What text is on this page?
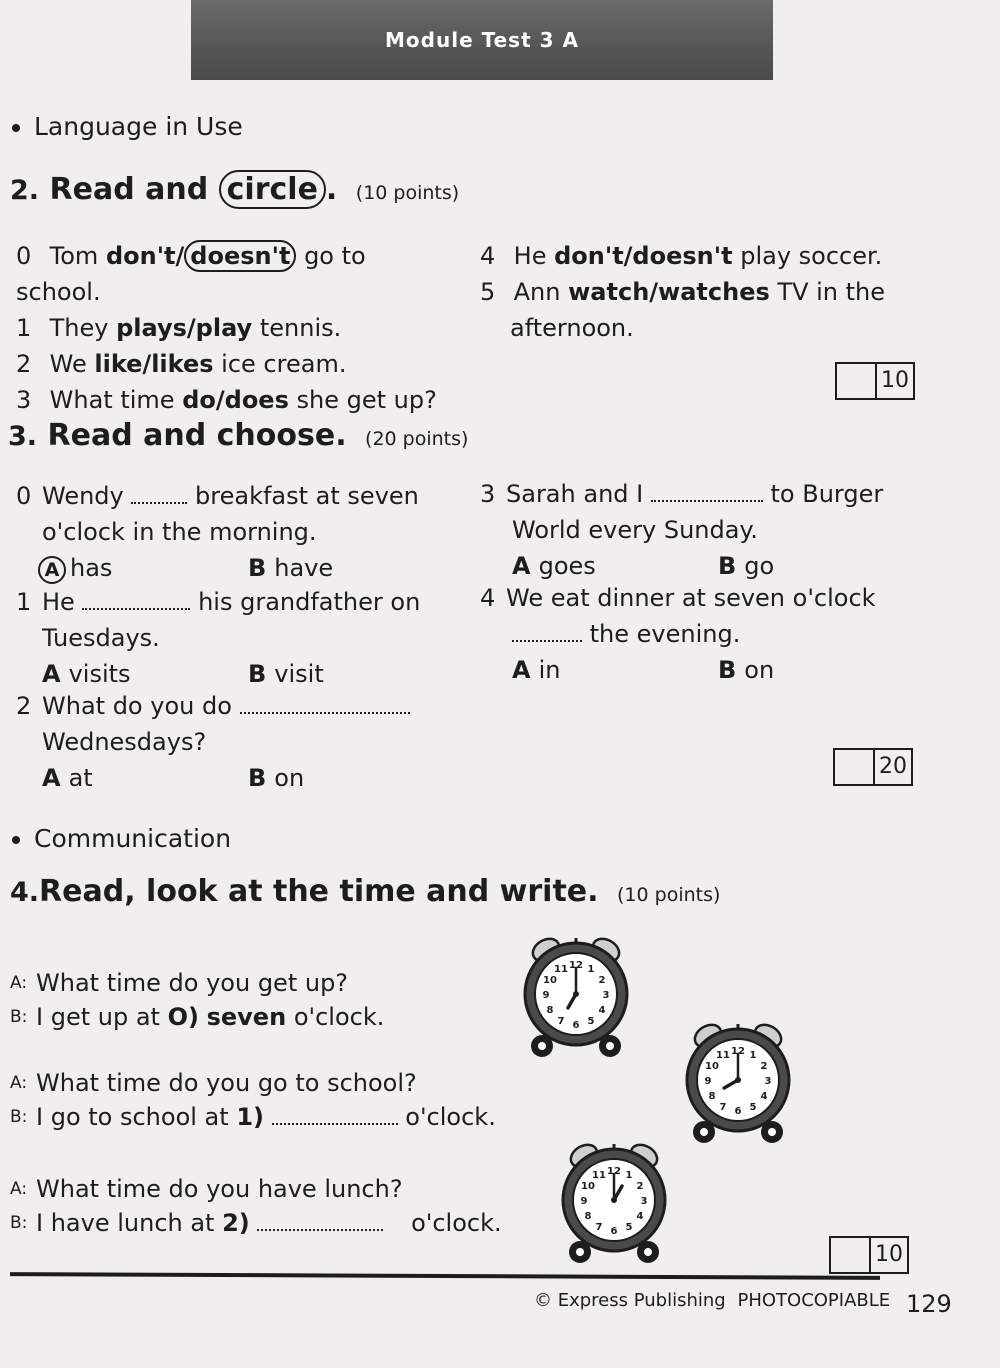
Module Test 3 A
Language in Use
2. Read and circle . (10 points)
0 Tom don't/ doesn't go to school.
1 They plays/play tennis.
2 We like/likes ice cream.
3 What time do/does she get up?
4 He don't/doesn't play soccer.
5 Ann watch/watches TV in the
afternoon.
10
3. Read and choose. (20 points)
0 Wendy	breakfast at seven
o'clock in the morning.
A has	B have
1 He	his grandfather on
Tuesdays.
A visits	B visit
2 What do you do
Wednesdays?
A at	B on
3 Sarah and I	to Burger
World every Sunday.
A goes	B go
4 We eat dinner at seven o'clock
the evening.
A in	B on
20
Communication
4.Read, look at the time and write. (10 points)
A: What time do you get up?
B: I get up at O) seven o'clock.
A: What time do you go to school?
B: I go to school at 1)	o'clock.
A: What time do you have lunch?
B: I have lunch at 2)	o'clock.
12 1
2
3
4
5
6
7
8
9
10
11
12 1
2
3
4
5
6
7
8
9
10
11
12 1
2
3
4
5
6
7
8
9
10
11
10
© Express Publishing PHOTOCOPIABLE 129
